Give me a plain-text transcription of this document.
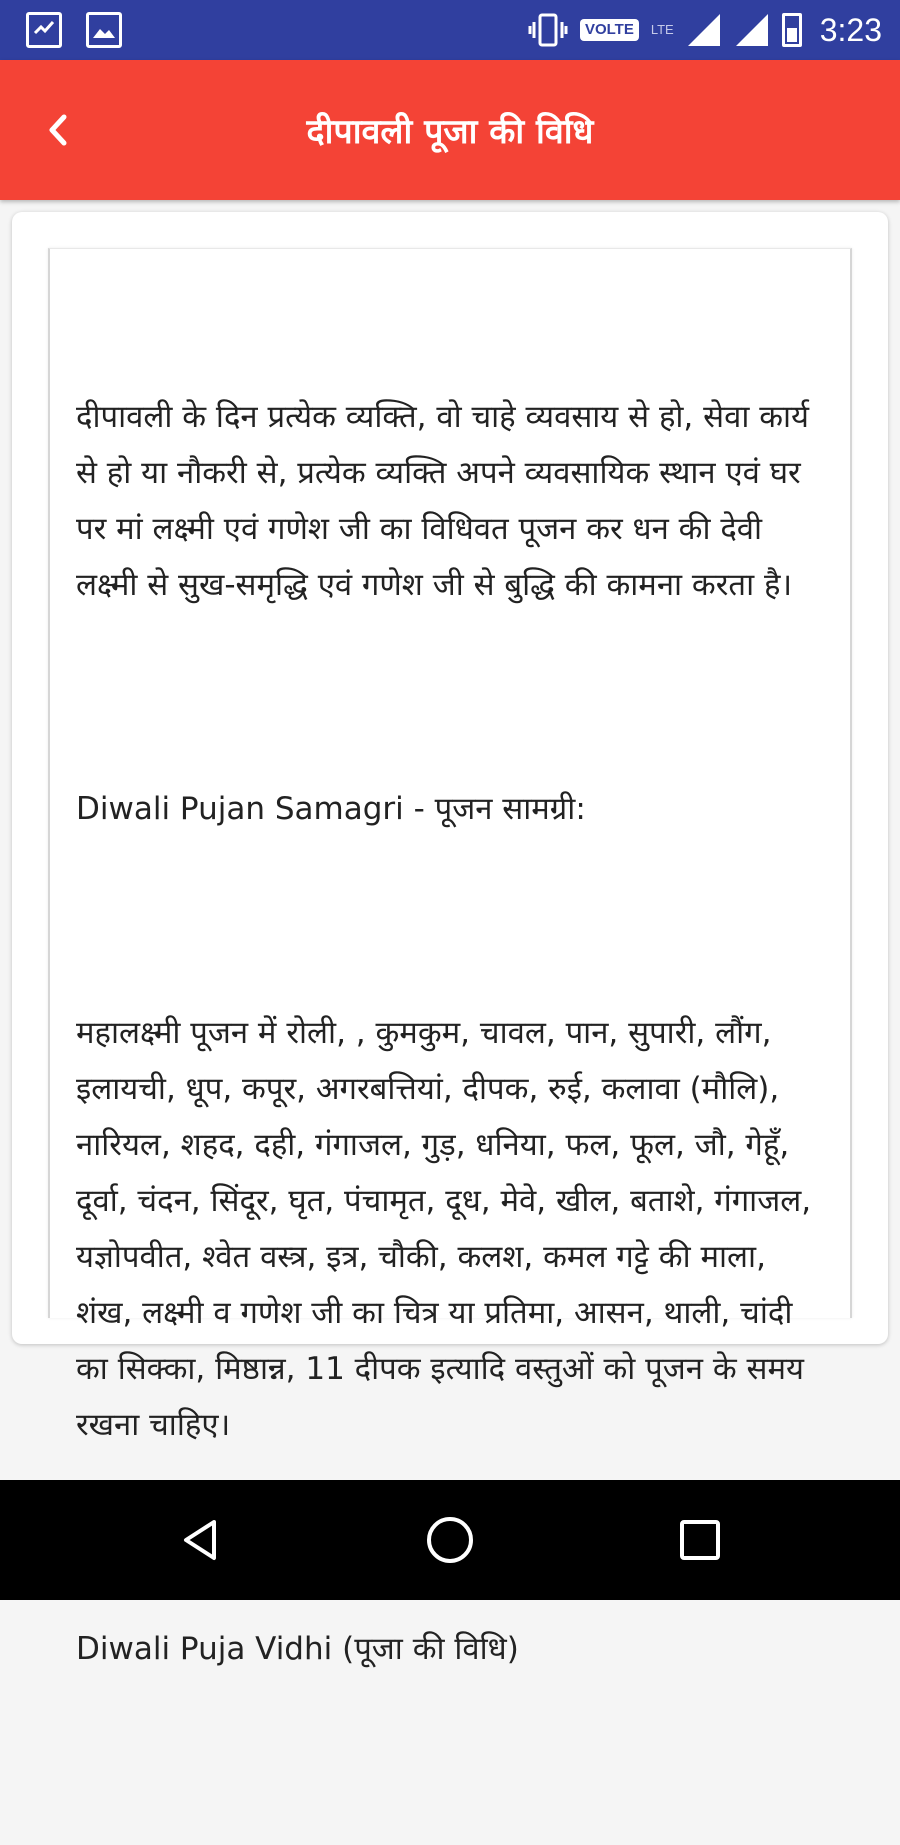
VOLTE	LTE	3:23
दीपावली पूजा की विधि

दीपावली के दिन प्रत्येक व्यक्ति, वो चाहे व्यवसाय से हो, सेवा कार्य से हो या नौकरी से, प्रत्येक व्यक्ति अपने व्यवसायिक स्थान एवं घर पर मां लक्ष्मी एवं गणेश जी का विधिवत पूजन कर धन की देवी लक्ष्मी से सुख-समृद्धि एवं गणेश जी से बुद्धि की कामना करता है।

Diwali Pujan Samagri - पूजन सामग्री:

महालक्ष्मी पूजन में रोली, , कुमकुम, चावल, पान, सुपारी, लौंग, इलायची, धूप, कपूर, अगरबत्तियां, दीपक, रुई, कलावा (मौलि), नारियल, शहद, दही, गंगाजल, गुड़, धनिया, फल, फूल, जौ, गेहूँ, दूर्वा, चंदन, सिंदूर, घृत, पंचामृत, दूध, मेवे, खील, बताशे, गंगाजल, यज्ञोपवीत, श्वेत वस्त्र, इत्र, चौकी, कलश, कमल गट्टे की माला, शंख, लक्ष्मी व गणेश जी का चित्र या प्रतिमा, आसन, थाली, चांदी का सिक्का, मिष्ठान्न, 11 दीपक इत्यादि वस्तुओं को पूजन के समय रखना चाहिए।

Diwali Puja Vidhi (पूजा की विधि)
